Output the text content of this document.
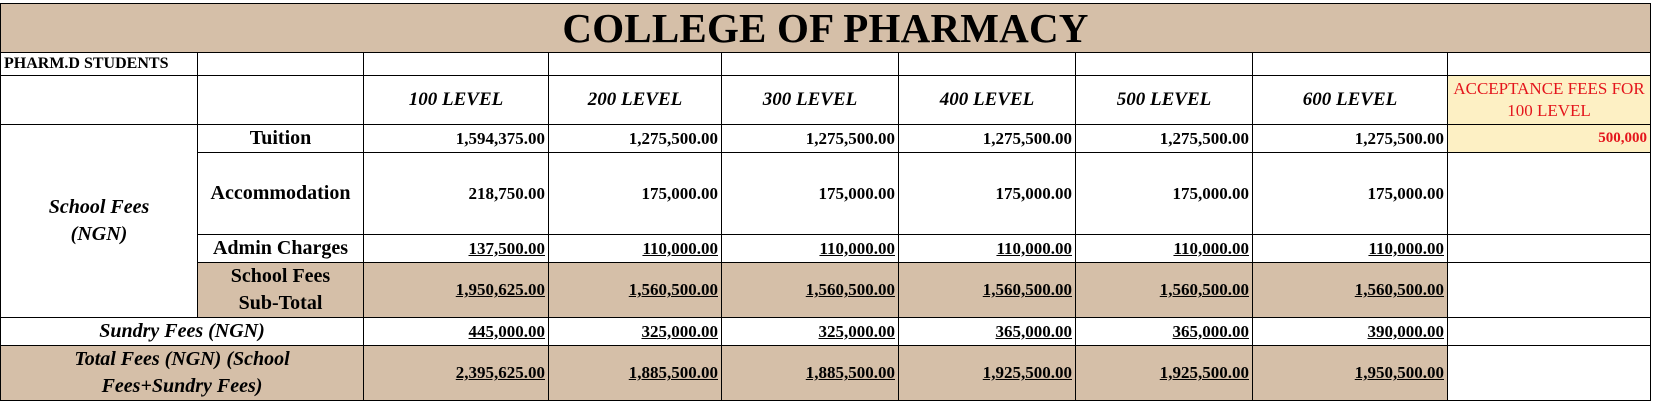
COLLEGE OF PHARMACY								
PHARM.D STUDENTS								
		100 LEVEL	200 LEVEL	300 LEVEL	400 LEVEL	500 LEVEL	600 LEVEL	ACCEPTANCE FEES FOR 100 LEVEL
School Fees (NGN)	Tuition	1,594,375.00	1,275,500.00	1,275,500.00	1,275,500.00	1,275,500.00	1,275,500.00	500,000
	Accommodation	218,750.00	175,000.00	175,000.00	175,000.00	175,000.00	175,000.00	
	Admin Charges	137,500.00	110,000.00	110,000.00	110,000.00	110,000.00	110,000.00	
	School Fees Sub-Total	1,950,625.00	1,560,500.00	1,560,500.00	1,560,500.00	1,560,500.00	1,560,500.00	
Sundry Fees (NGN)		445,000.00	325,000.00	325,000.00	365,000.00	365,000.00	390,000.00	
Total Fees (NGN) (School Fees+Sundry Fees)		2,395,625.00	1,885,500.00	1,885,500.00	1,925,500.00	1,925,500.00	1,950,500.00	
